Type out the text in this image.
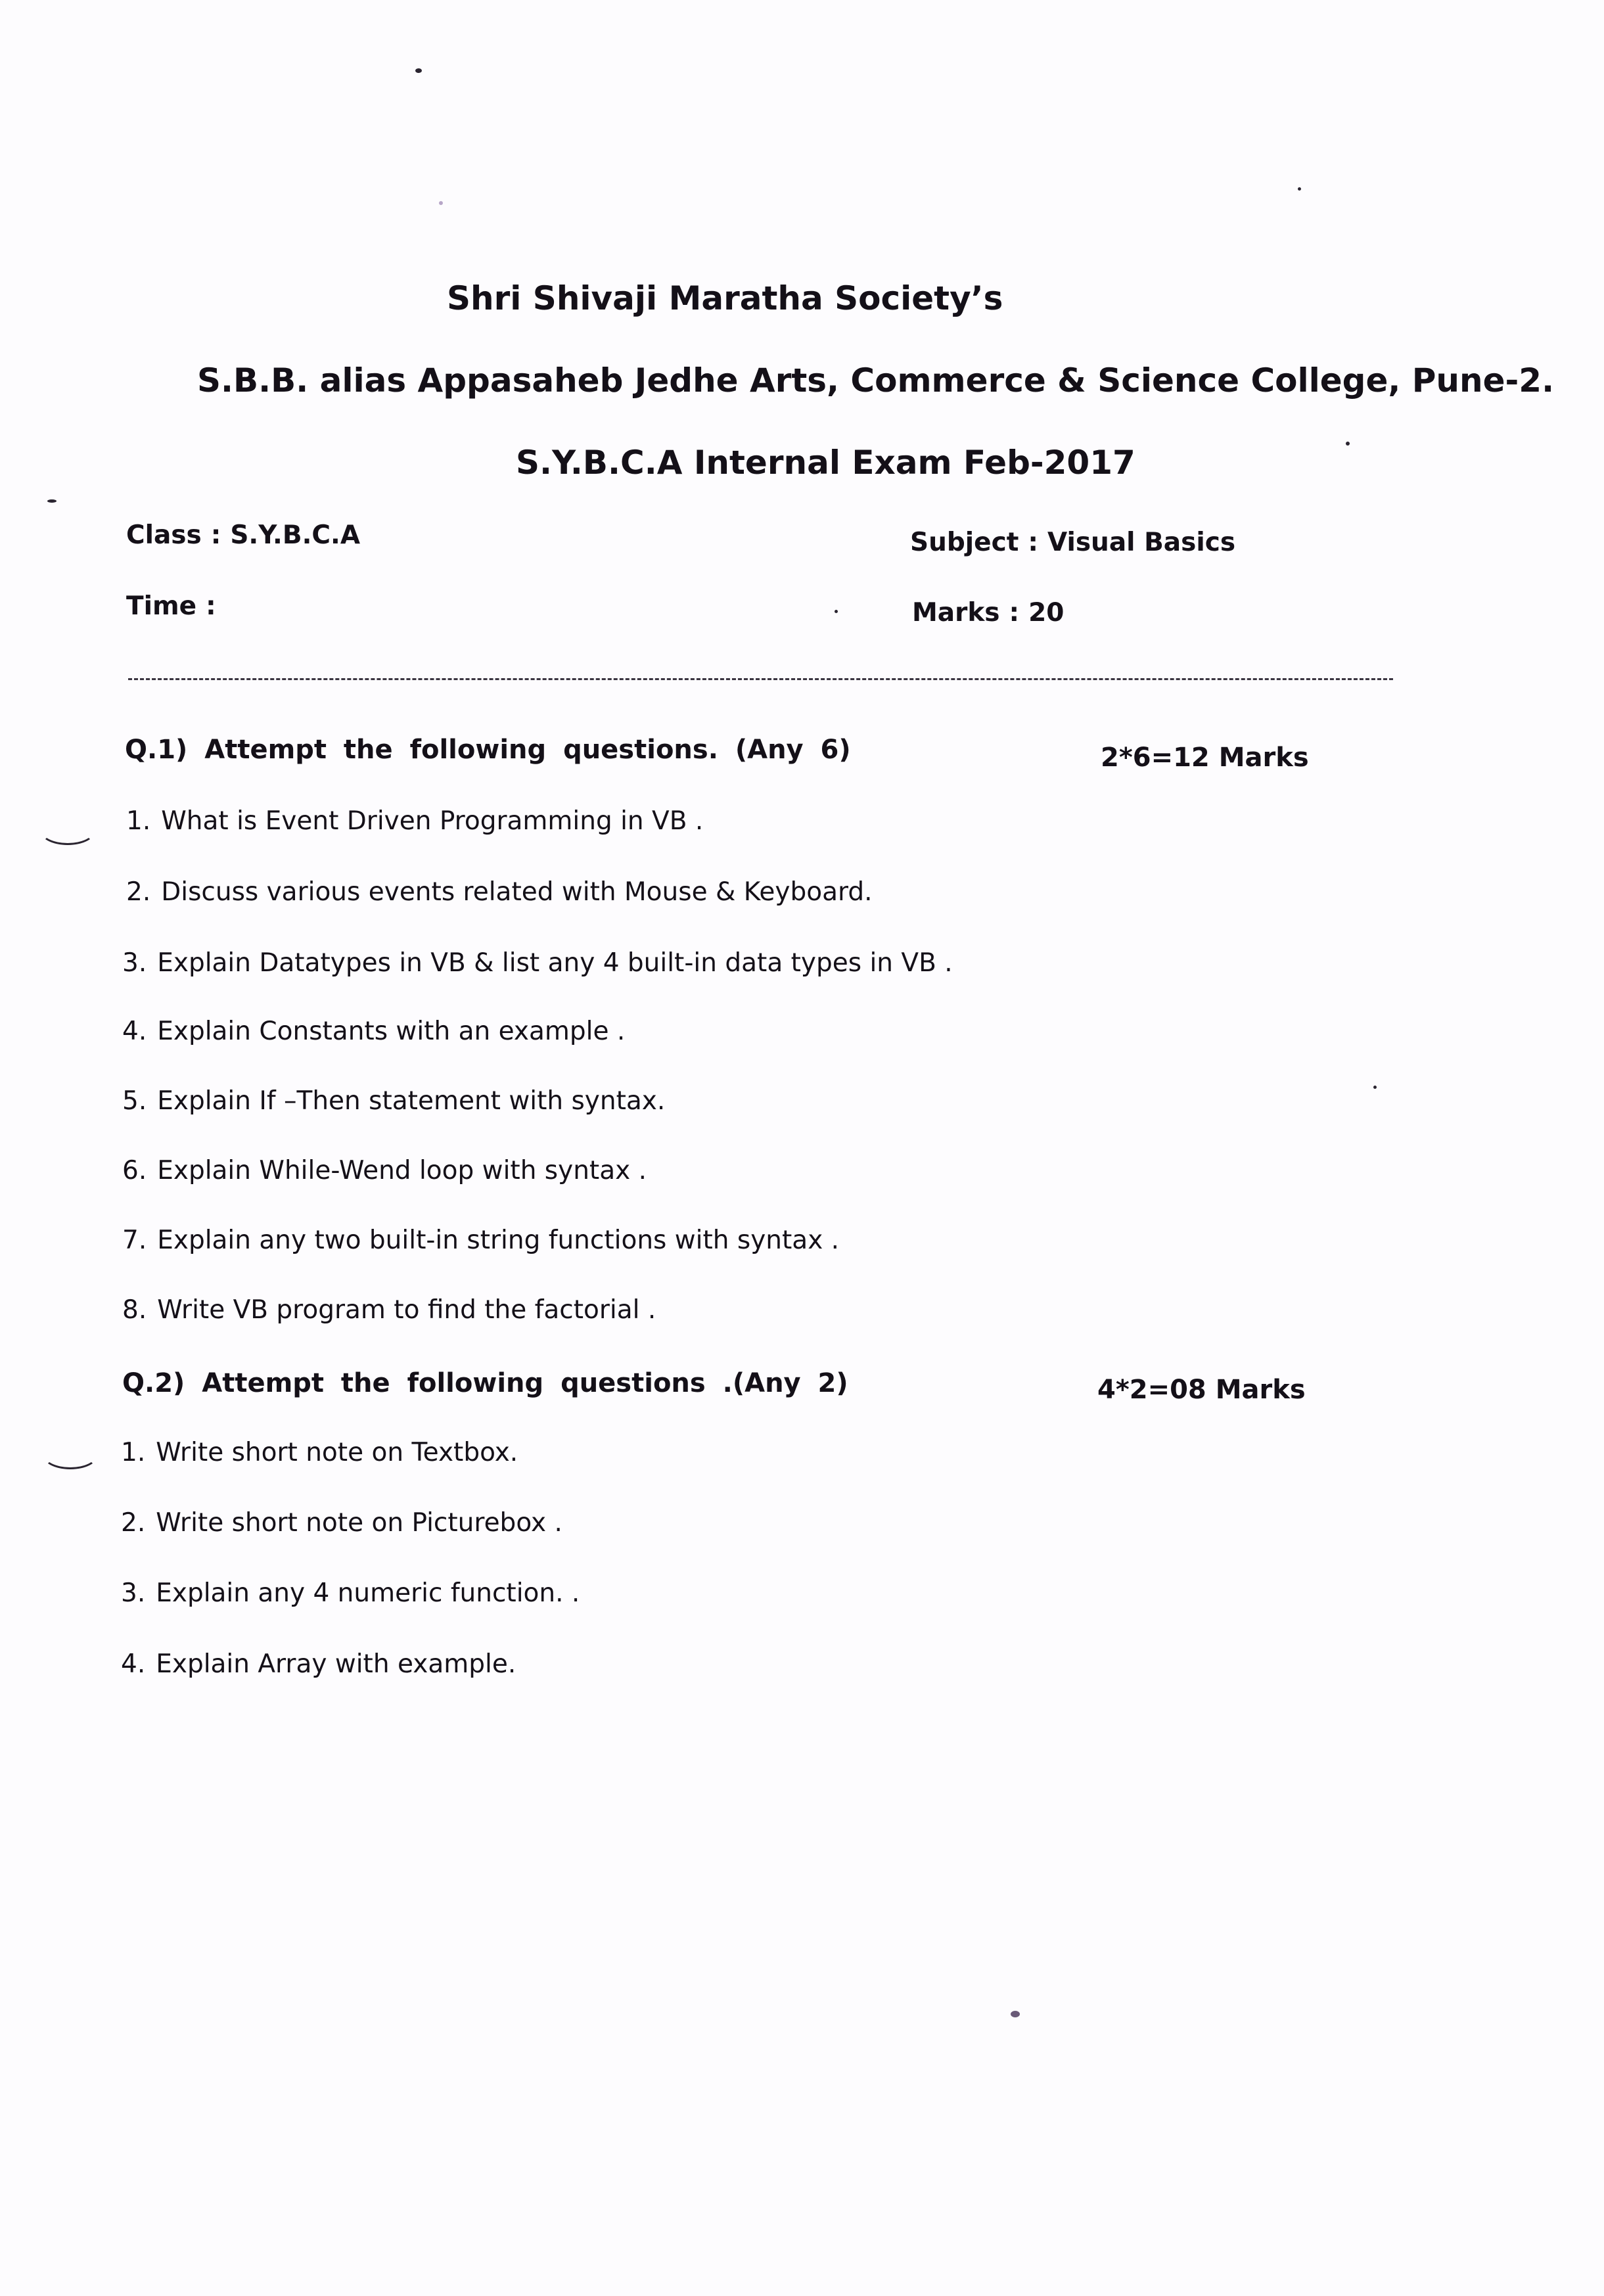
Shri Shivaji Maratha Society’s
S.B.B. alias Appasaheb Jedhe Arts, Commerce & Science College, Pune-2.
S.Y.B.C.A Internal Exam Feb-2017
Class : S.Y.B.C.A
Time :
Subject : Visual Basics
Marks : 20
Q.1) Attempt the following questions. (Any 6)	2*6=12 Marks
1. What is Event Driven Programming in VB .
2. Discuss various events related with Mouse & Keyboard.
3. Explain Datatypes in VB & list any 4 built-in data types in VB .
4. Explain Constants with an example .
5. Explain If –Then statement with syntax.
6. Explain While-Wend loop with syntax .
7. Explain any two built-in string functions with syntax .
8. Write VB program to find the factorial .
Q.2) Attempt the following questions .(Any 2)	4*2=08 Marks
1. Write short note on Textbox.
2. Write short note on Picturebox .
3. Explain any 4 numeric function. .
4. Explain Array with example.
